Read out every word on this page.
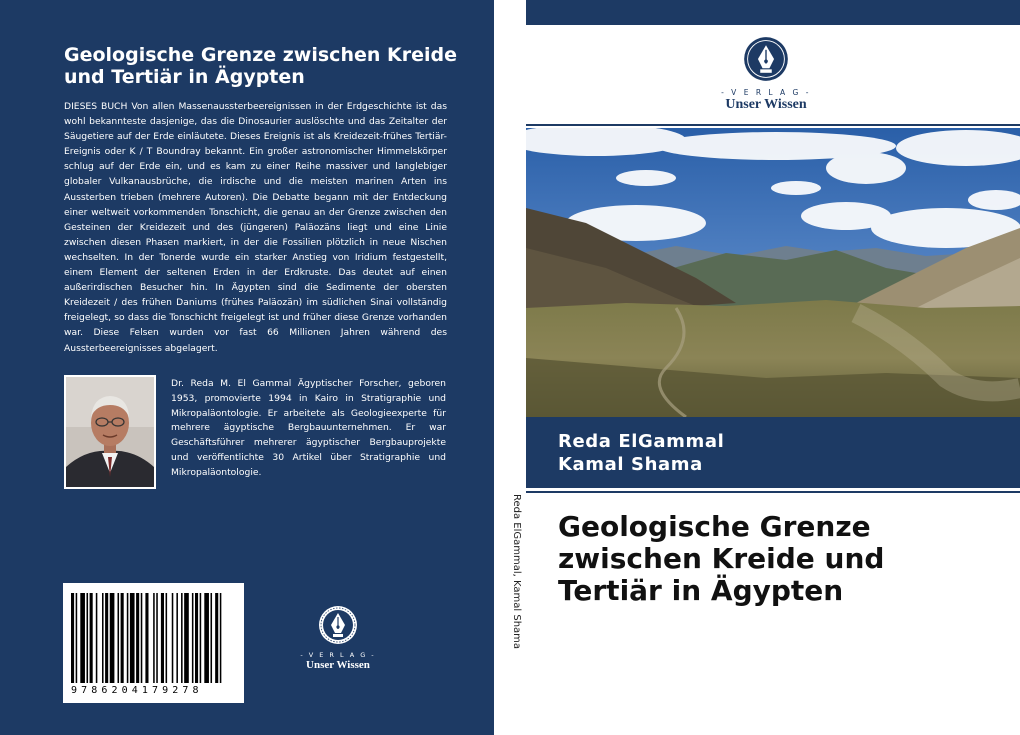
Geologische Grenze zwischen Kreide und Tertiär in Ägypten
DIESES BUCH Von allen Massenaussterbeereignissen in der Erdgeschichte ist das wohl bekannteste dasjenige, das die Dinosaurier auslöschte und das Zeitalter der Säugetiere auf der Erde einläutete. Dieses Ereignis ist als Kreidezeit-frühes Tertiär-Ereignis oder K / T Boundray bekannt. Ein großer astronomischer Himmelskörper schlug auf der Erde ein, und es kam zu einer Reihe massiver und langlebiger globaler Vulkanausbrüche, die irdische und die meisten marinen Arten ins Aussterben trieben (mehrere Autoren). Die Debatte begann mit der Entdeckung einer weltweit vorkommenden Tonschicht, die genau an der Grenze zwischen den Gesteinen der Kreidezeit und des (jüngeren) Paläozäns liegt und eine Linie zwischen diesen Phasen markiert, in der die Fossilien plötzlich in neue Nischen wechselten. In der Tonerde wurde ein starker Anstieg von Iridium festgestellt, einem Element der seltenen Erden in der Erdkruste. Das deutet auf einen außerirdischen Besucher hin. In Ägypten sind die Sedimente der obersten Kreidezeit / des frühen Daniums (frühes Paläozän) im südlichen Sinai vollständig freigelegt, so dass die Tonschicht freigelegt ist und früher diese Grenze vorhanden war. Diese Felsen wurden vor fast 66 Millionen Jahren während des Aussterbeereignisses abgelagert.
Dr. Reda M. El Gammal Ägyptischer Forscher, geboren 1953, promovierte 1994 in Kairo in Stratigraphie und Mikropaläontologie. Er arbeitete als Geologieexperte für mehrere ägyptische Bergbauunternehmen. Er war Geschäftsführer mehrerer ägyptischer Bergbauprojekte und veröffentlichte 30 Artikel über Stratigraphie und Mikropaläontologie.
9786204179278
- V E R L A G -
Unser Wissen
Reda ElGammal, Kamal Shama
- V E R L A G -
Unser Wissen
Reda ElGammal
Kamal Shama
Geologische Grenze zwischen Kreide und Tertiär in Ägypten
